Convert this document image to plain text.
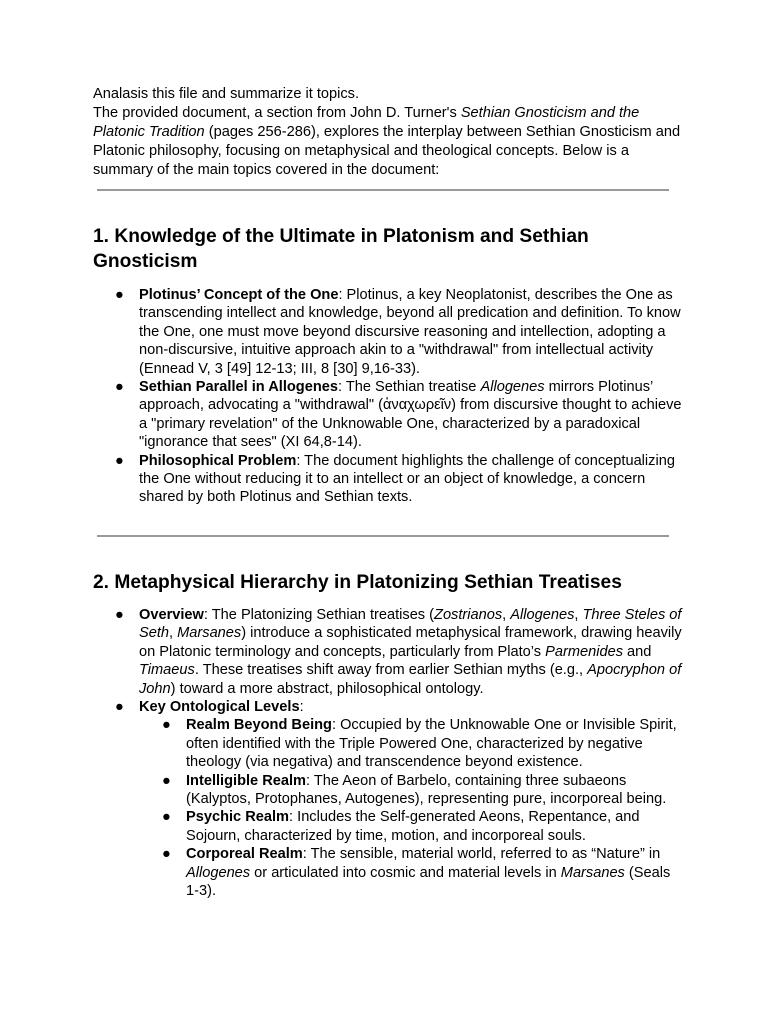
Analasis this file and summarize it topics.

The provided document, a section from John D. Turner's Sethian Gnosticism and the Platonic Tradition (pages 256-286), explores the interplay between Sethian Gnosticism and Platonic philosophy, focusing on metaphysical and theological concepts. Below is a summary of the main topics covered in the document:

1. Knowledge of the Ultimate in Platonism and Sethian Gnosticism
● Plotinus’ Concept of the One: Plotinus, a key Neoplatonist, describes the One as transcending intellect and knowledge, beyond all predication and definition. To know the One, one must move beyond discursive reasoning and intellection, adopting a non-discursive, intuitive approach akin to a "withdrawal" from intellectual activity (Ennead V, 3 [49] 12-13; III, 8 [30] 9,16-33).
● Sethian Parallel in Allogenes: The Sethian treatise Allogenes mirrors Plotinus’ approach, advocating a "withdrawal" (ἀναχωρεῖν) from discursive thought to achieve a "primary revelation" of the Unknowable One, characterized by a paradoxical "ignorance that sees" (XI 64,8-14).
● Philosophical Problem: The document highlights the challenge of conceptualizing the One without reducing it to an intellect or an object of knowledge, a concern shared by both Plotinus and Sethian texts.
2. Metaphysical Hierarchy in Platonizing Sethian Treatises
● Overview: The Platonizing Sethian treatises (Zostrianos, Allogenes, Three Steles of Seth, Marsanes) introduce a sophisticated metaphysical framework, drawing heavily on Platonic terminology and concepts, particularly from Plato’s Parmenides and Timaeus. These treatises shift away from earlier Sethian myths (e.g., Apocryphon of John) toward a more abstract, philosophical ontology.
● Key Ontological Levels:
● Realm Beyond Being: Occupied by the Unknowable One or Invisible Spirit, often identified with the Triple Powered One, characterized by negative theology (via negativa) and transcendence beyond existence.
● Intelligible Realm: The Aeon of Barbelo, containing three subaeons (Kalyptos, Protophanes, Autogenes), representing pure, incorporeal being.
● Psychic Realm: Includes the Self-generated Aeons, Repentance, and Sojourn, characterized by time, motion, and incorporeal souls.
● Corporeal Realm: The sensible, material world, referred to as “Nature” in Allogenes or articulated into cosmic and material levels in Marsanes (Seals 1-3).
